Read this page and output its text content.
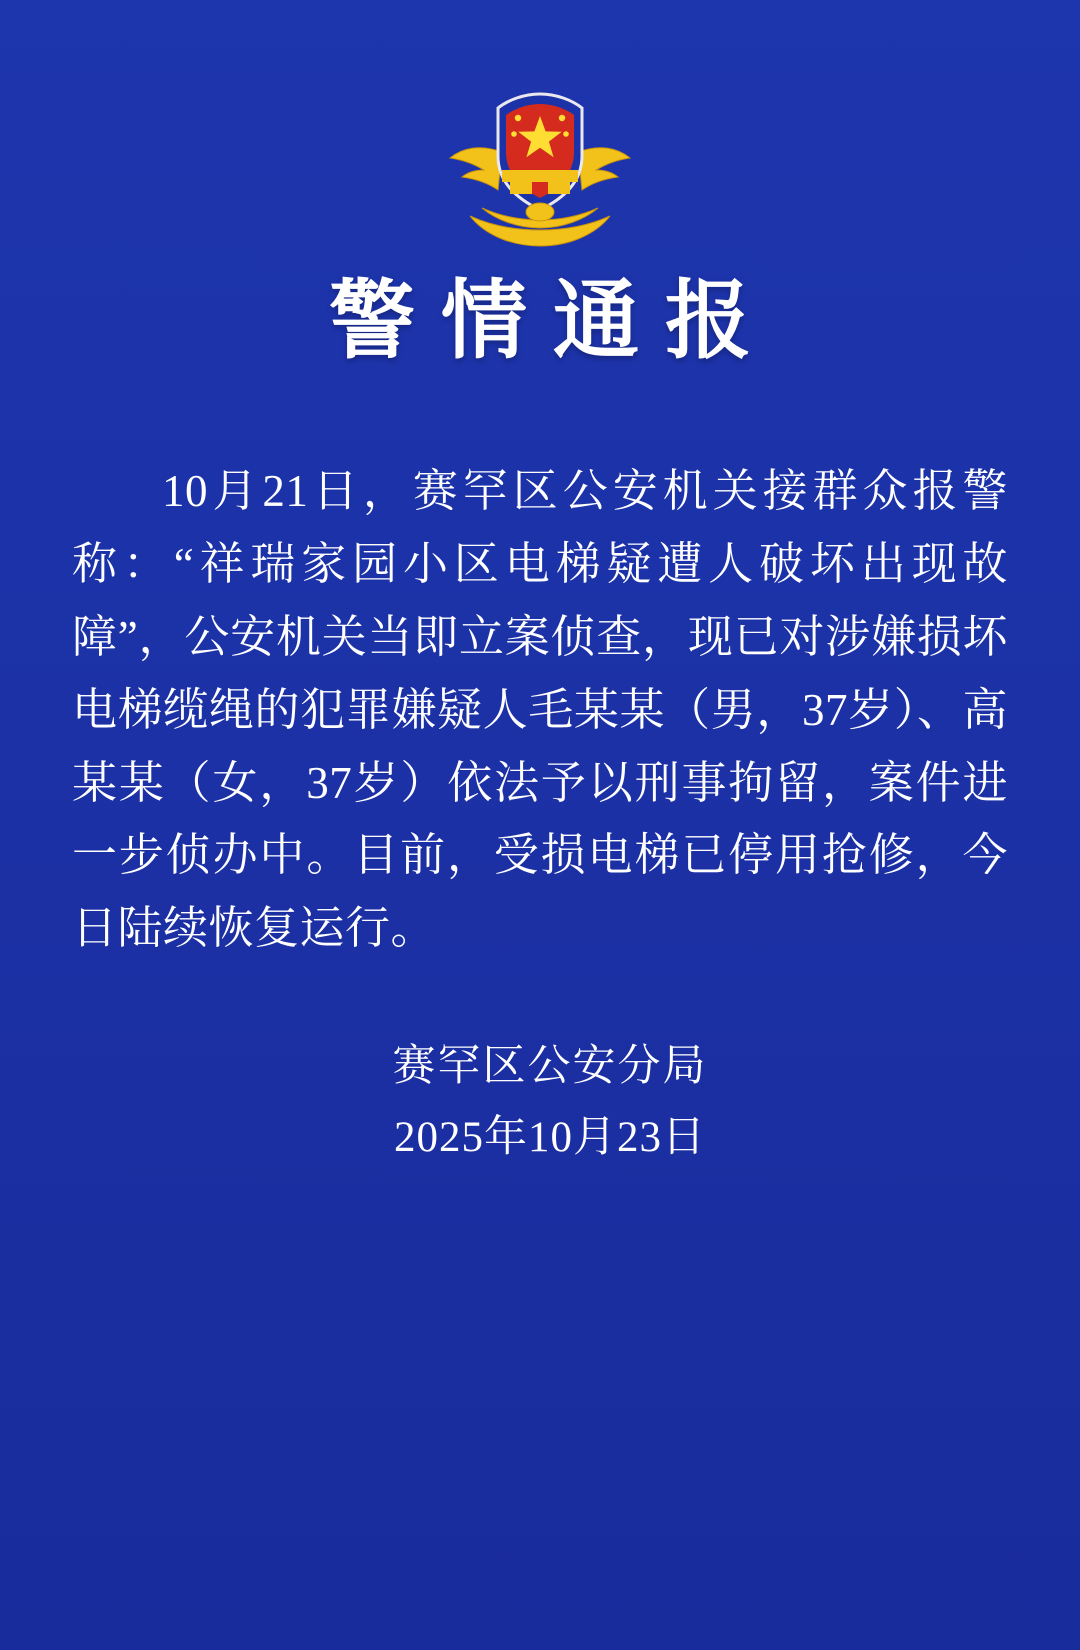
警情通报
10月21日，赛罕区公安机关接群众报警称：“祥瑞家园小区电梯疑遭人破坏出现故障”，公安机关当即立案侦查，现已对涉嫌损坏电梯缆绳的犯罪嫌疑人毛某某（男，37岁）、高某某（女，37岁）依法予以刑事拘留，案件进一步侦办中。目前，受损电梯已停用抢修，今日陆续恢复运行。
赛罕区公安分局
2025年10月23日
